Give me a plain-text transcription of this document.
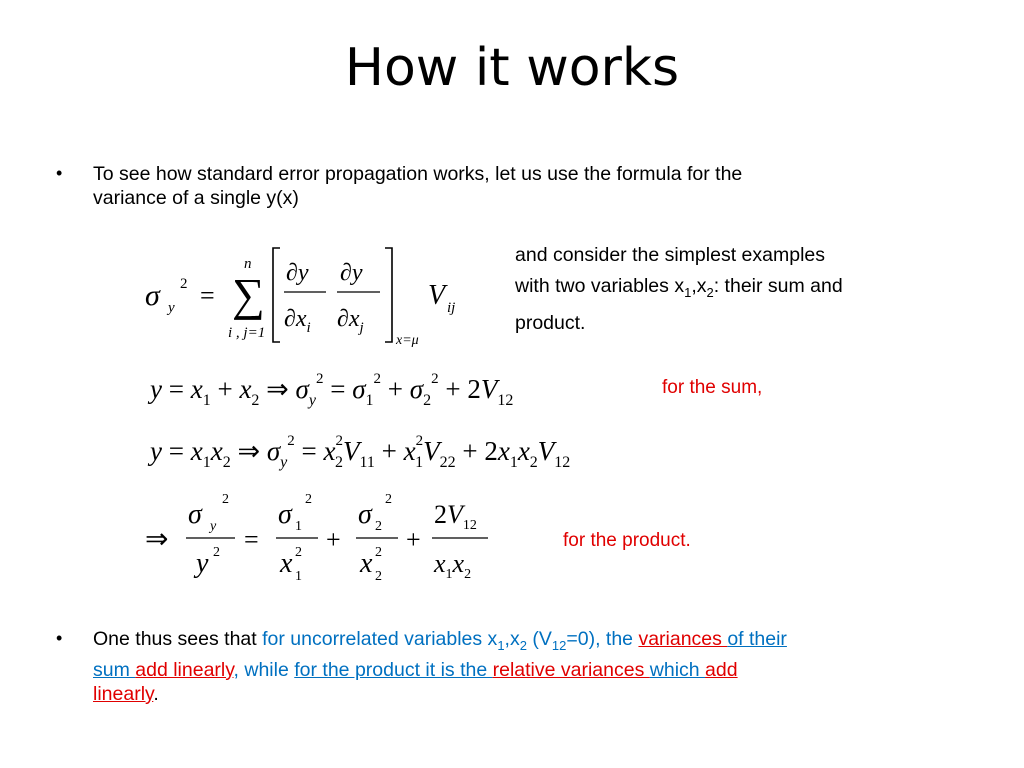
How it works
• To see how standard error propagation works, let us use the formula for the
variance of a single y(x)
σ y
2 = ∑
n
i , j=1
∂y
$\partial x_i$
∂y
$\partial x_j$
x=μ
V ij
and consider the simplest examples
with two variables $x_1,x_2$: their sum and
product.
$y = x_1 + x_2$ ⇒ $\sigma_y^2 = \sigma_1^2 + \sigma_2^2 + 2V_{12}$
for the sum,
$y = x_1x_2$ ⇒ $\sigma_y^2 = x^2_2V_{11} + x^2_1V_{22} + 2x_1x_2V_{12}$
⇒
σ y
2
y 2 =
σ 1
2
x 1
2 +
σ 2
2
x 2
2 +
$2V_{12}$
$x_1x_2$
for the product.
• One thus sees that for uncorrelated variables $x_1,x_2$ $(V_{12}=0)$, the variances of their
sum add linearly, while for the product it is the relative variances which add
linearly.
